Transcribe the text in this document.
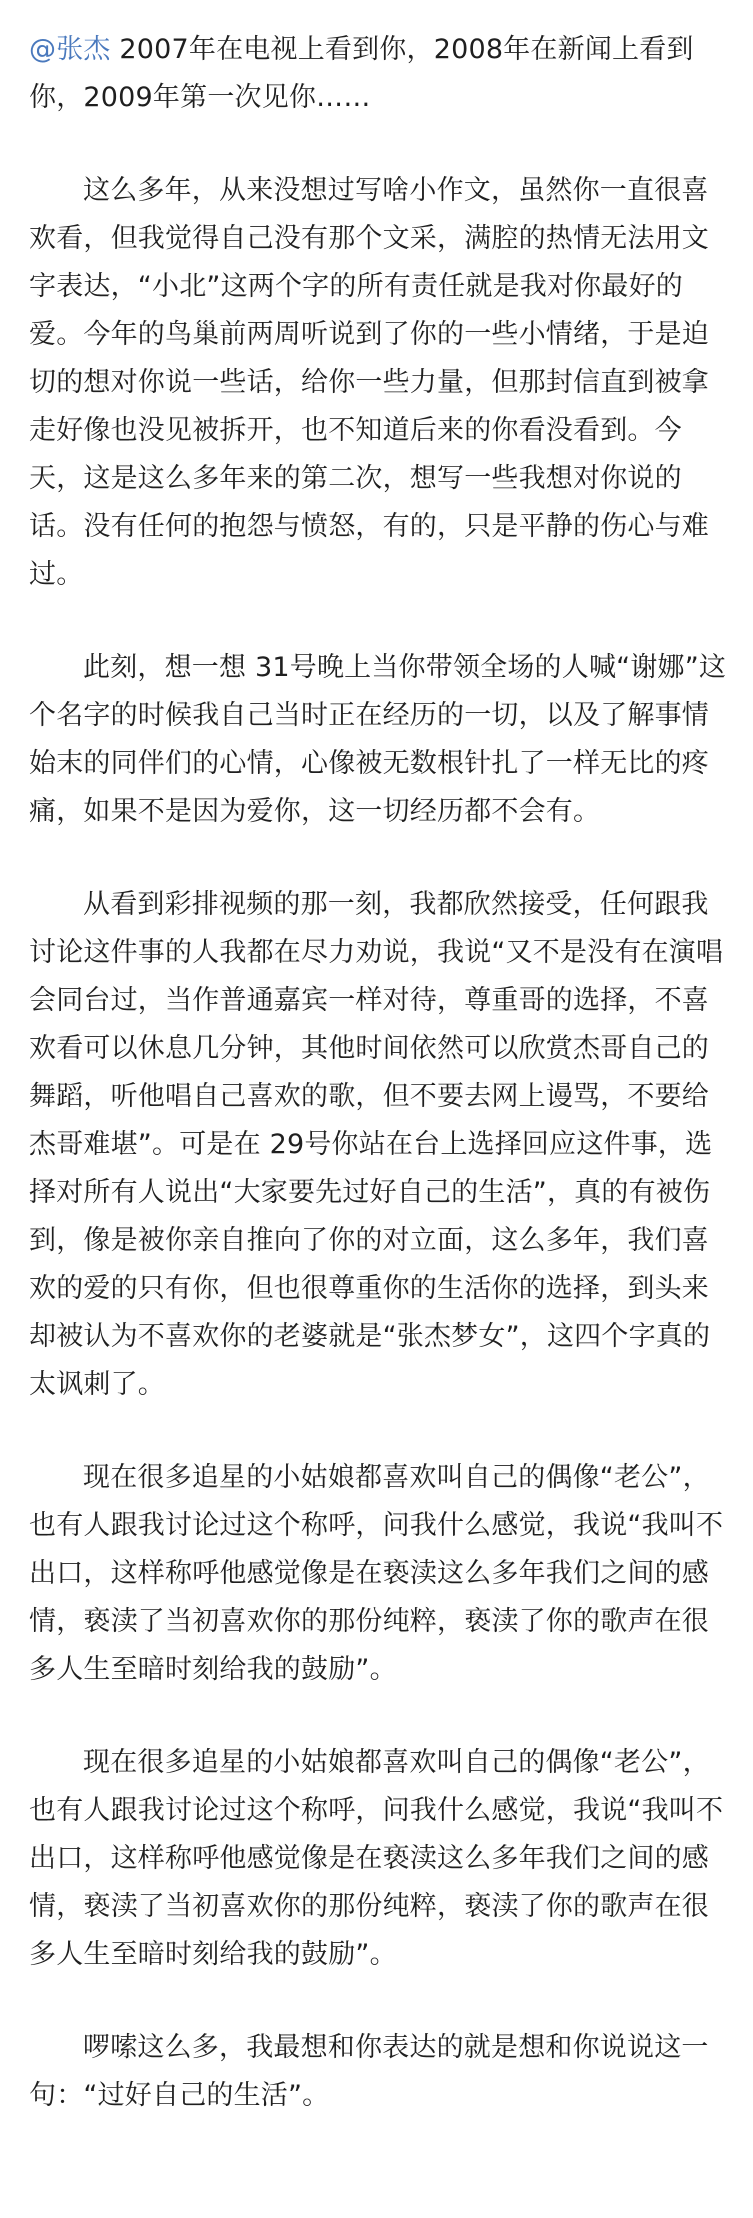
@张杰 2007年在电视上看到你，2008年在新闻上看到你，2009年第一次见你……

这么多年，从来没想过写啥小作文，虽然你一直很喜欢看，但我觉得自己没有那个文采，满腔的热情无法用文字表达，“小北”这两个字的所有责任就是我对你最好的爱。今年的鸟巢前两周听说到了你的一些小情绪，于是迫切的想对你说一些话，给你一些力量，但那封信直到被拿走好像也没见被拆开，也不知道后来的你看没看到。今天，这是这么多年来的第二次，想写一些我想对你说的话。没有任何的抱怨与愤怒，有的，只是平静的伤心与难过。

此刻，想一想 31号晚上当你带领全场的人喊“谢娜”这个名字的时候我自己当时正在经历的一切，以及了解事情始末的同伴们的心情，心像被无数根针扎了一样无比的疼痛，如果不是因为爱你，这一切经历都不会有。

从看到彩排视频的那一刻，我都欣然接受，任何跟我讨论这件事的人我都在尽力劝说，我说“又不是没有在演唱会同台过，当作普通嘉宾一样对待，尊重哥的选择，不喜欢看可以休息几分钟，其他时间依然可以欣赏杰哥自己的舞蹈，听他唱自己喜欢的歌，但不要去网上谩骂，不要给杰哥难堪”。可是在 29号你站在台上选择回应这件事，选择对所有人说出“大家要先过好自己的生活”，真的有被伤到，像是被你亲自推向了你的对立面，这么多年，我们喜欢的爱的只有你，但也很尊重你的生活你的选择，到头来却被认为不喜欢你的老婆就是“张杰梦女”，这四个字真的太讽刺了。

现在很多追星的小姑娘都喜欢叫自己的偶像“老公”，也有人跟我讨论过这个称呼，问我什么感觉，我说“我叫不出口，这样称呼他感觉像是在亵渎这么多年我们之间的感情，亵渎了当初喜欢你的那份纯粹，亵渎了你的歌声在很多人生至暗时刻给我的鼓励”。

现在很多追星的小姑娘都喜欢叫自己的偶像“老公”，也有人跟我讨论过这个称呼，问我什么感觉，我说“我叫不出口，这样称呼他感觉像是在亵渎这么多年我们之间的感情，亵渎了当初喜欢你的那份纯粹，亵渎了你的歌声在很多人生至暗时刻给我的鼓励”。

啰嗦这么多，我最想和你表达的就是想和你说说这一句：“过好自己的生活”。
